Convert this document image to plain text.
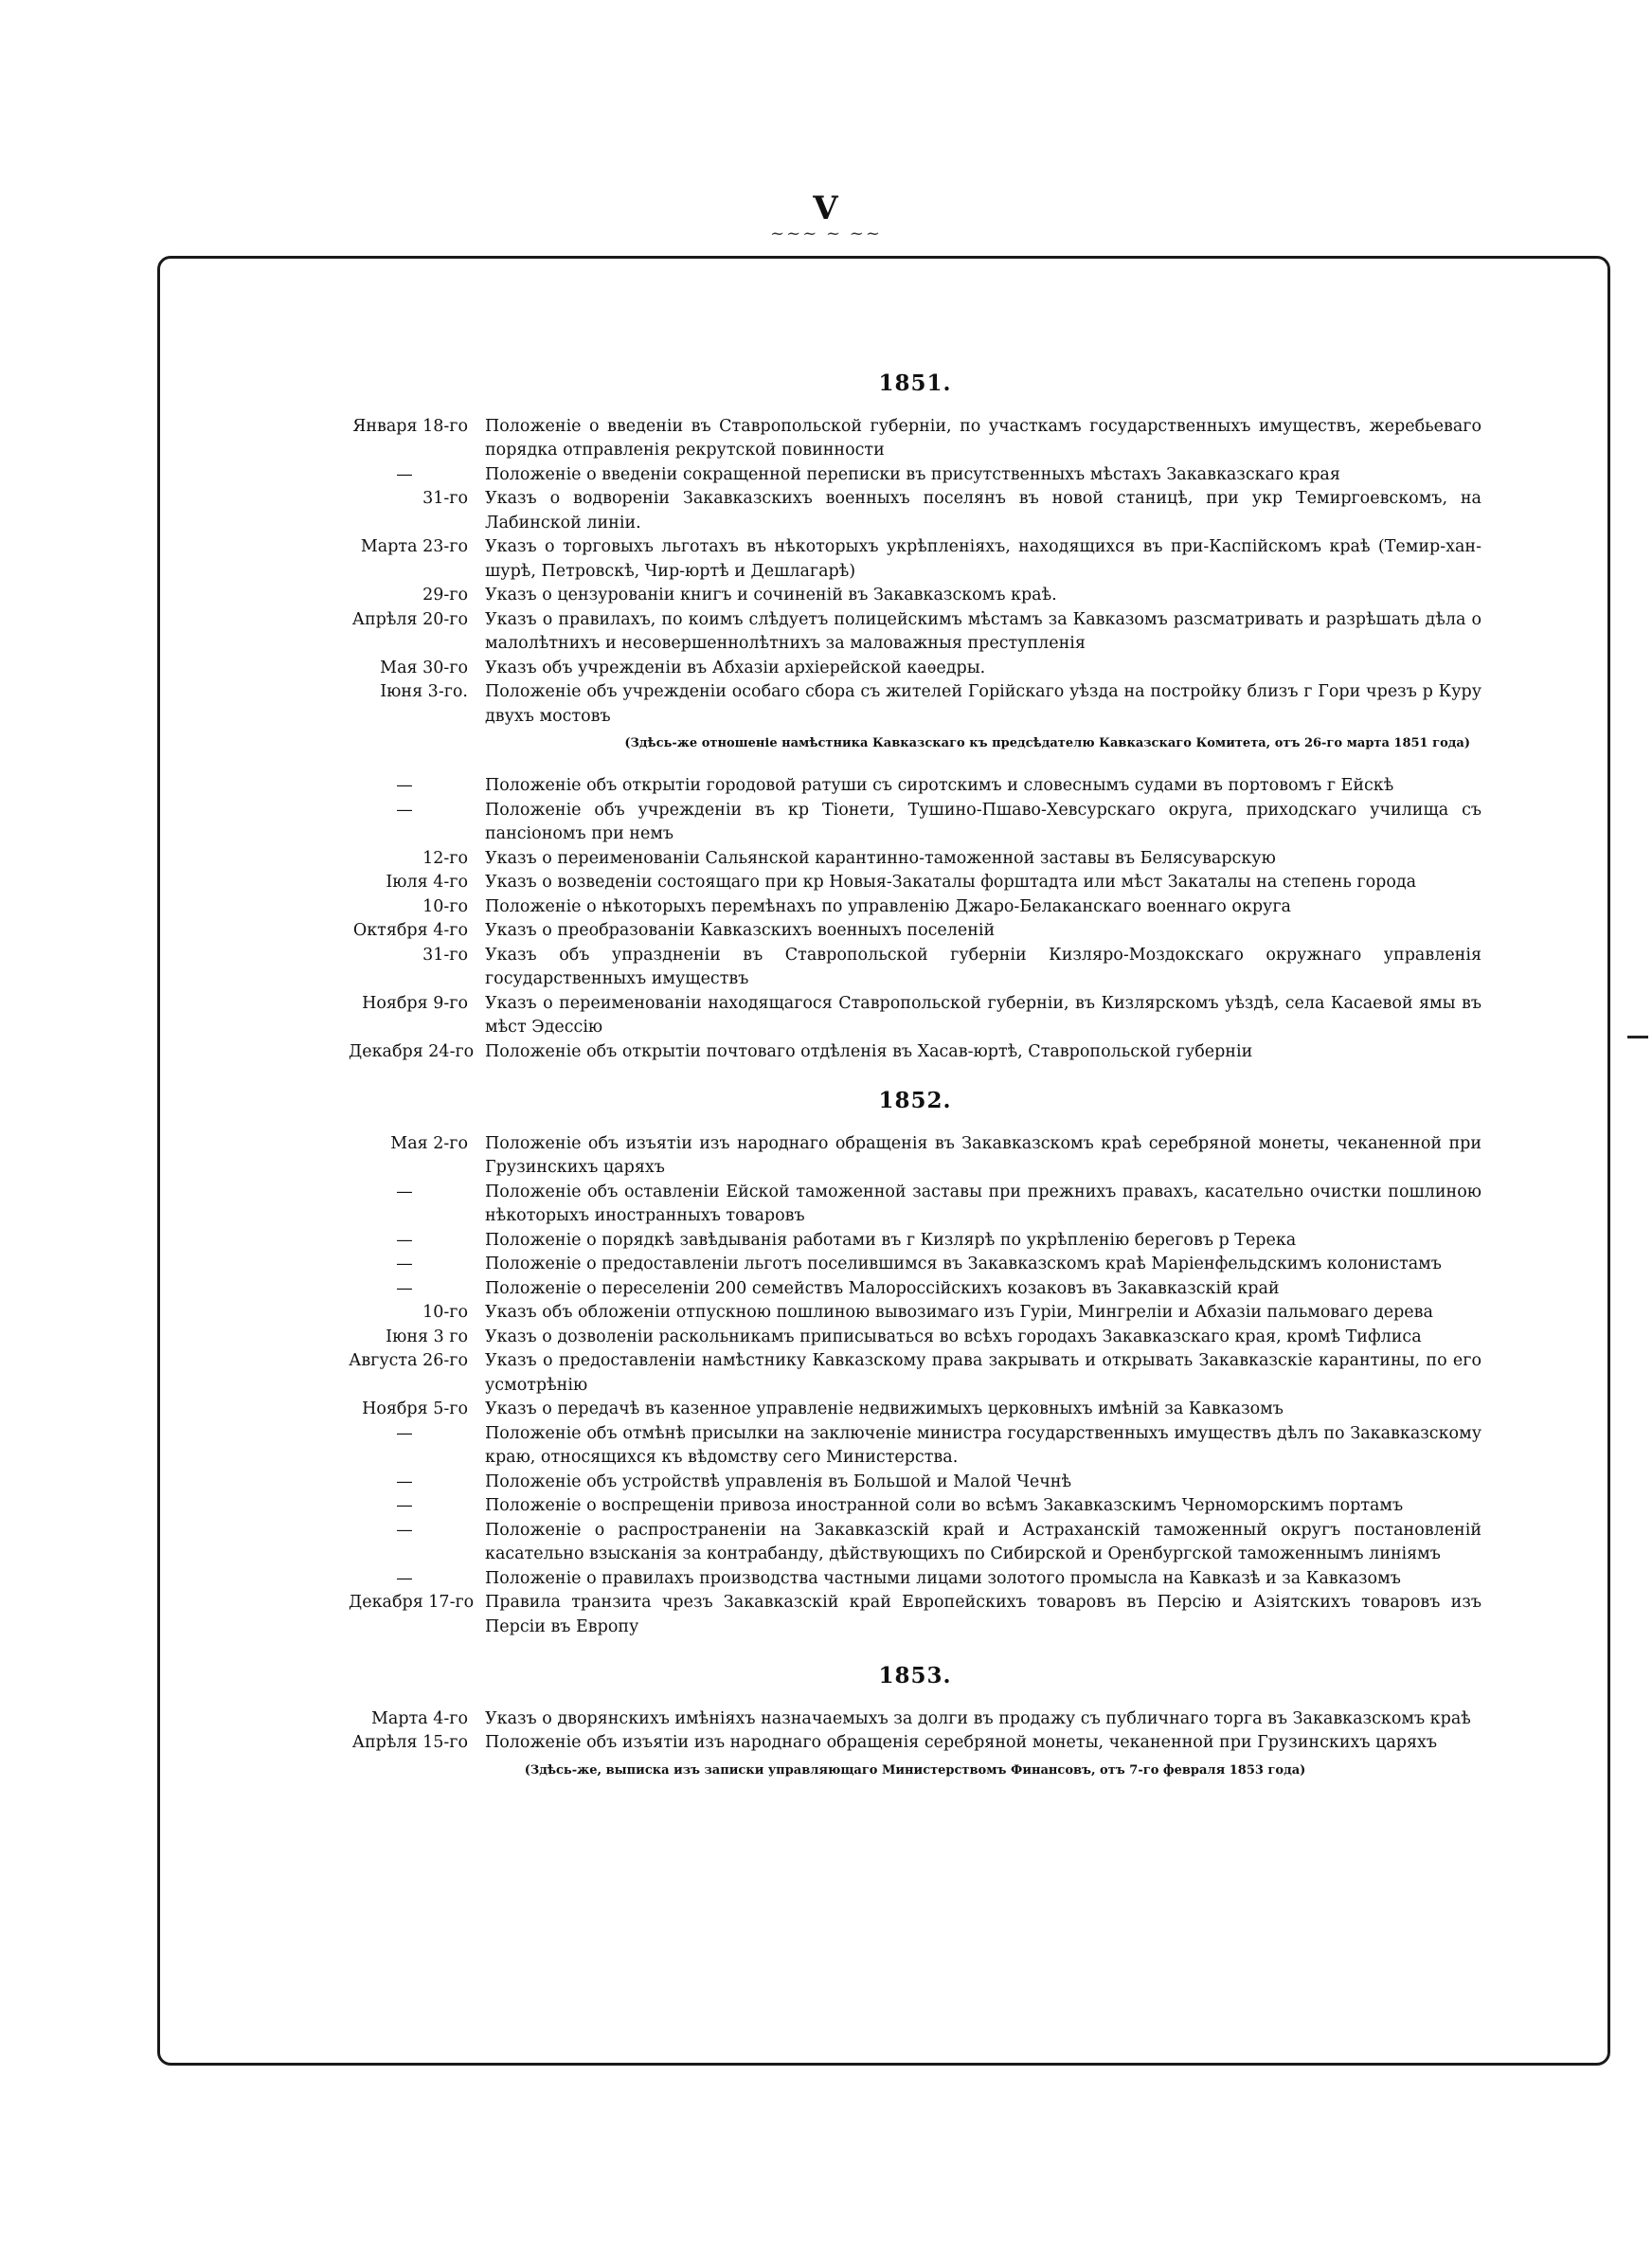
V
~~~ ~ ~~
1851.
Января 18-го	Положеніе о введеніи въ Ставропольской губерніи, по участкамъ государственныхъ имуществъ, жеребьеваго порядка отправленія рекрутской повинности
—	Положеніе о введеніи сокращенной переписки въ присутственныхъ мѣстахъ Закавказскаго края
31-го	Указъ о водвореніи Закавказскихъ военныхъ поселянъ въ новой станицѣ, при укр Темиргоевскомъ, на Лабинской линіи.
Марта 23-го	Указъ о торговыхъ льготахъ въ нѣкоторыхъ укрѣпленіяхъ, находящихся въ при-Каспійскомъ краѣ (Темир-хан-шурѣ, Петровскѣ, Чир-юртѣ и Дешлагарѣ)
29-го	Указъ о цензурованіи книгъ и сочиненій въ Закавказскомъ краѣ.
Апрѣля 20-го	Указъ о правилахъ, по коимъ слѣдуетъ полицейскимъ мѣстамъ за Кавказомъ разсматривать и разрѣшать дѣла о малолѣтнихъ и несовершеннолѣтнихъ за маловажныя преступленія
Мая 30-го	Указъ объ учрежденіи въ Абхазіи архіерейской каѳедры.
Іюня 3-го.	Положеніе объ учрежденіи особаго сбора съ жителей Горійскаго уѣзда на постройку близъ г Гори чрезъ р Куру двухъ мостовъ
(Здѣсь-же отношеніе намѣстника Кавказскаго къ предсѣдателю Кавказскаго Комитета, отъ 26-го марта 1851 года)
—	Положеніе объ открытіи городовой ратуши съ сиротскимъ и словеснымъ судами въ портовомъ г Ейскѣ
—	Положеніе объ учрежденіи въ кр Тіонети, Тушино-Пшаво-Хевсурскаго округа, приходскаго училища съ пансіономъ при немъ
12-го	Указъ о переименованіи Сальянской карантинно-таможенной заставы въ Белясуварскую
Іюля 4-го	Указъ о возведеніи состоящаго при кр Новыя-Закаталы форштадта или мѣст Закаталы на степень города
10-го	Положеніе о нѣкоторыхъ перемѣнахъ по управленію Джаро-Белаканскаго военнаго округа
Октября 4-го	Указъ о преобразованіи Кавказскихъ военныхъ поселеній
31-го	Указъ объ упраздненіи въ Ставропольской губерніи Кизляро-Моздокскаго окружнаго управленія государственныхъ имуществъ
Ноября 9-го	Указъ о переименованіи находящагося Ставропольской губерніи, въ Кизлярскомъ уѣздѣ, села Касаевой ямы въ мѣст Эдессію
Декабря 24-го Положеніе объ открытіи почтоваго отдѣленія въ Хасав-юртѣ, Ставропольской губерніи
1852.
Мая 2-го	Положеніе объ изъятіи изъ народнаго обращенія въ Закавказскомъ краѣ серебряной монеты, чеканенной при Грузинскихъ царяхъ
—	Положеніе объ оставленіи Ейской таможенной заставы при прежнихъ правахъ, касательно очистки пошлиною нѣкоторыхъ иностранныхъ товаровъ
—	Положеніе о порядкѣ завѣдыванія работами въ г Кизлярѣ по укрѣпленію береговъ р Терека
—	Положеніе о предоставленіи льготъ поселившимся въ Закавказскомъ краѣ Маріенфельдскимъ колонистамъ
—	Положеніе о переселеніи 200 семействъ Малороссійскихъ козаковъ въ Закавказскій край
10-го	Указъ объ обложеніи отпускною пошлиною вывозимаго изъ Гуріи, Мингреліи и Абхазіи пальмоваго дерева
Іюня 3 го	Указъ о дозволеніи раскольникамъ приписываться во всѣхъ городахъ Закавказскаго края, кромѣ Тифлиса
Августа 26-го	Указъ о предоставленіи намѣстнику Кавказскому права закрывать и открывать Закавказскіе карантины, по его усмотрѣнію
Ноября 5-го	Указъ о передачѣ въ казенное управленіе недвижимыхъ церковныхъ имѣній за Кавказомъ
—	Положеніе объ отмѣнѣ присылки на заключеніе министра государственныхъ имуществъ дѣлъ по Закавказскому краю, относящихся къ вѣдомству сего Министерства.
—	Положеніе объ устройствѣ управленія въ Большой и Малой Чечнѣ
—	Положеніе о воспрещеніи привоза иностранной соли во всѣмъ Закавказскимъ Черноморскимъ портамъ
—	Положеніе о распространеніи на Закавказскій край и Астраханскій таможенный округъ постановленій касательно взысканія за контрабанду, дѣйствующихъ по Сибирской и Оренбургской таможеннымъ линіямъ
—	Положеніе о правилахъ производства частными лицами золотого промысла на Кавказѣ и за Кавказомъ
Декабря 17-го Правила транзита чрезъ Закавказскій край Европейскихъ товаровъ въ Персію и Азіятскихъ товаровъ изъ Персіи въ Европу
1853.
Марта 4-го	Указъ о дворянскихъ имѣніяхъ назначаемыхъ за долги въ продажу съ публичнаго торга въ Закавказскомъ краѣ
Апрѣля 15-го	Положеніе объ изъятіи изъ народнаго обращенія серебряной монеты, чеканенной при Грузинскихъ царяхъ
(Здѣсь-же, выписка изъ записки управляющаго Министерствомъ Финансовъ, отъ 7-го февраля 1853 года)
